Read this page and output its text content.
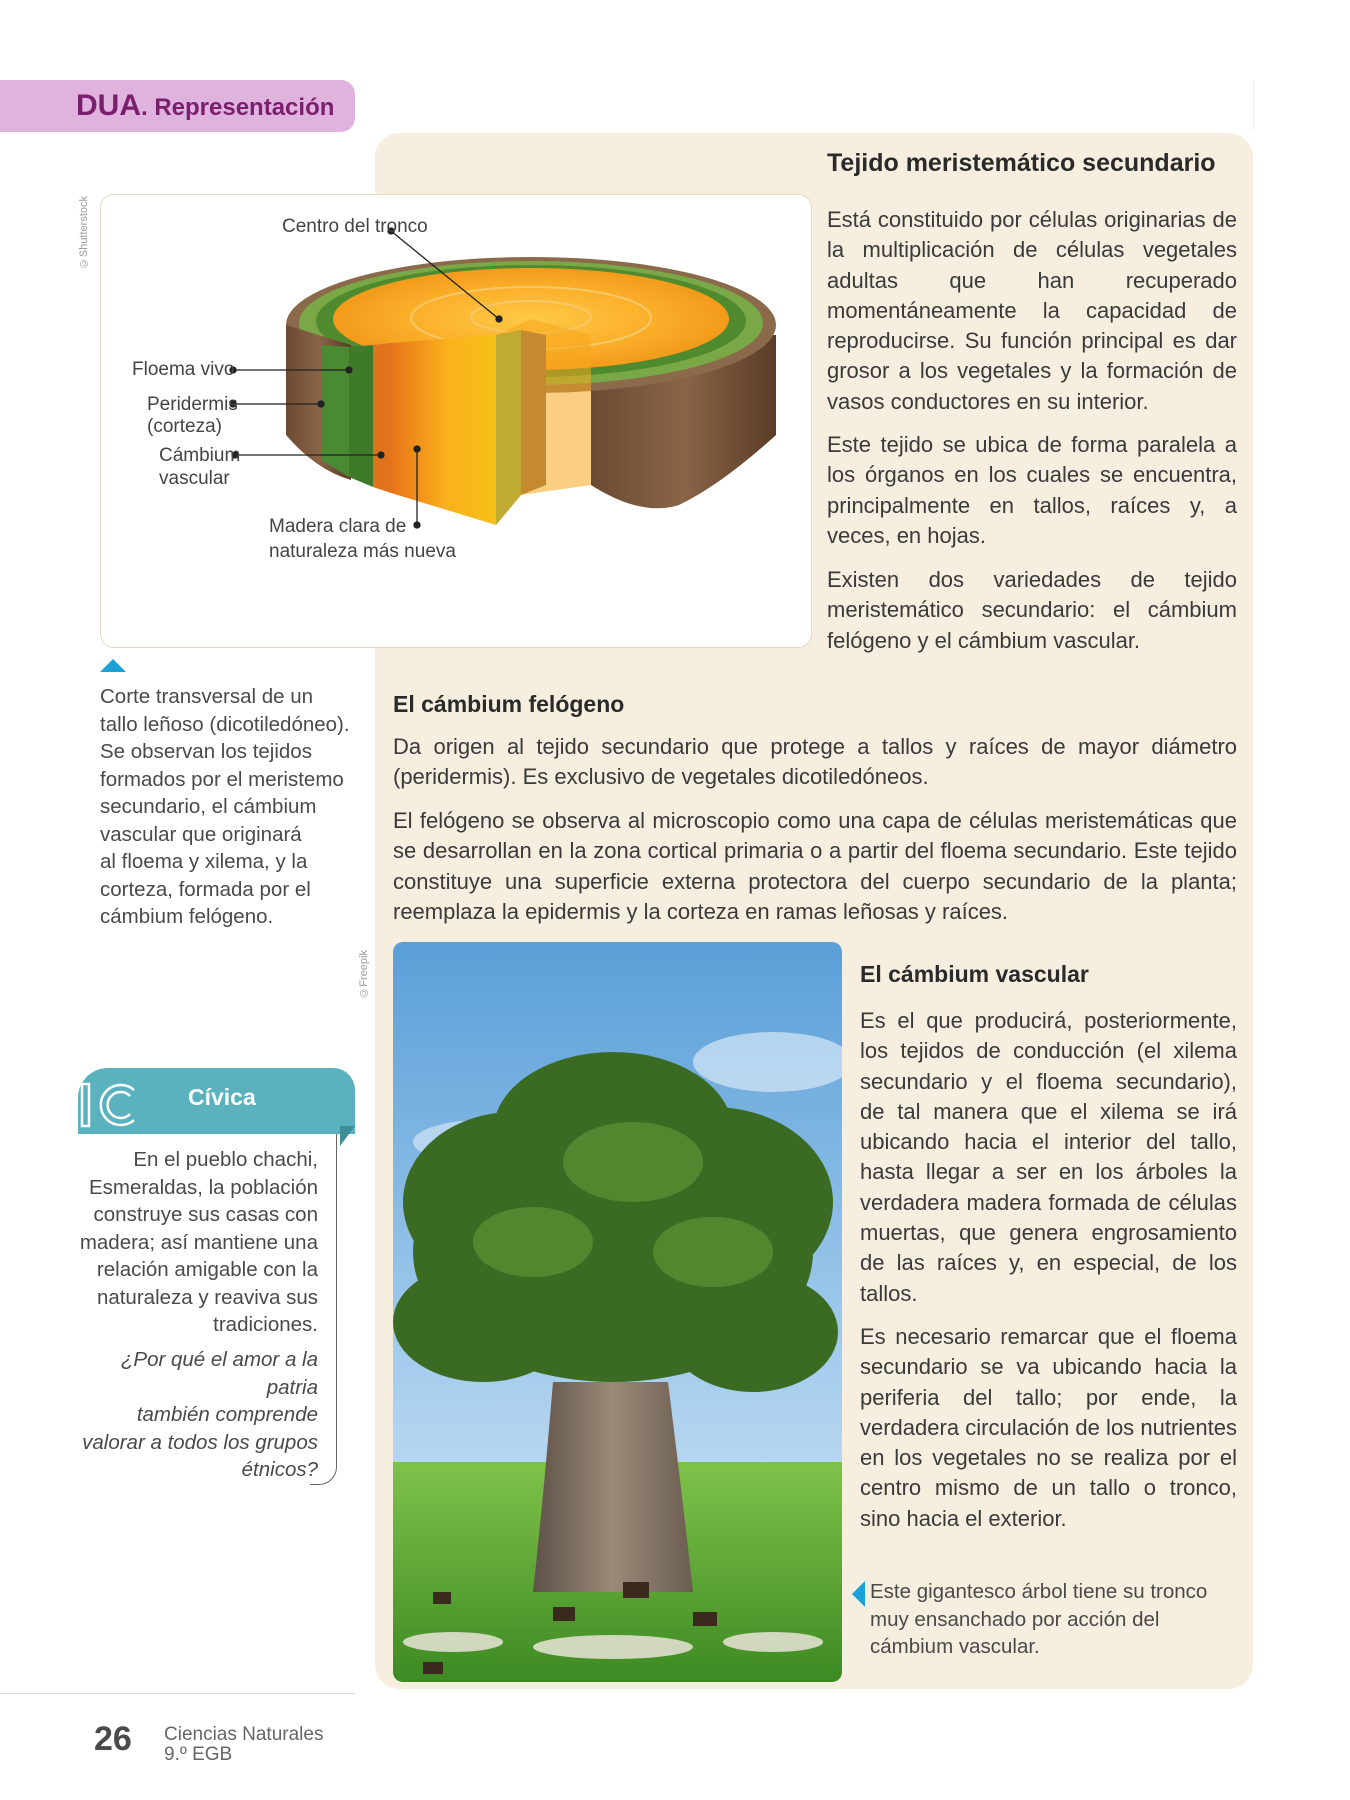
DUA. Representación
©Shutterstock	Centro del tronco
Floema vivo
Peridermis
(corteza)
Cámbium
vascular
Madera clara de
naturaleza más nueva
Corte transversal de un
tallo leñoso (dicotiledóneo).
Se observan los tejidos
formados por el meristemo
secundario, el cámbium
vascular que originará
al floema y xilema, y la
corteza, formada por el
cámbium felógeno.
Tejido meristemático secundario

Está constituido por células originarias de la multiplicación de células vegetales adultas que han recuperado momentáneamente la capacidad de reproducirse. Su función principal es dar grosor a los vegetales y la formación de vasos conductores en su interior.

Este tejido se ubica de forma paralela a los órganos en los cuales se encuentra, principalmente en tallos, raíces y, a veces, en hojas.

Existen dos variedades de tejido meristemático secundario: el cámbium felógeno y el cámbium vascular.

El cámbium felógeno

Da origen al tejido secundario que protege a tallos y raíces de mayor diámetro (peridermis). Es exclusivo de vegetales dicotiledóneos.

El felógeno se observa al microscopio como una capa de células meristemáticas que se desarrollan en la zona cortical primaria o a partir del floema secundario. Este tejido constituye una superficie externa protectora del cuerpo secundario de la planta; reemplaza la epidermis y la corteza en ramas leñosas y raíces.

©Freepik	El cámbium vascular

Es el que producirá, posteriormente, los tejidos de conducción (el xilema secundario y el floema secundario), de tal manera que el xilema se irá ubicando hacia el interior del tallo, hasta llegar a ser en los árboles la verdadera madera formada de células muertas, que genera engrosamiento de las raíces y, en especial, de los tallos.

Es necesario remarcar que el floema secundario se va ubicando hacia la periferia del tallo; por ende, la verdadera circulación de los nutrientes en los vegetales no se realiza por el centro mismo de un tallo o tronco, sino hacia el exterior.

Este gigantesco árbol tiene su tronco
muy ensanchado por acción del
cámbium vascular.
Cívica
En el pueblo chachi,
Esmeraldas, la población
construye sus casas con
madera; así mantiene una
relación amigable con la
naturaleza y reaviva sus
tradiciones.
¿Por qué el amor a la patria
también comprende
valorar a todos los grupos
étnicos?
26 Ciencias Naturales
9.º EGB
